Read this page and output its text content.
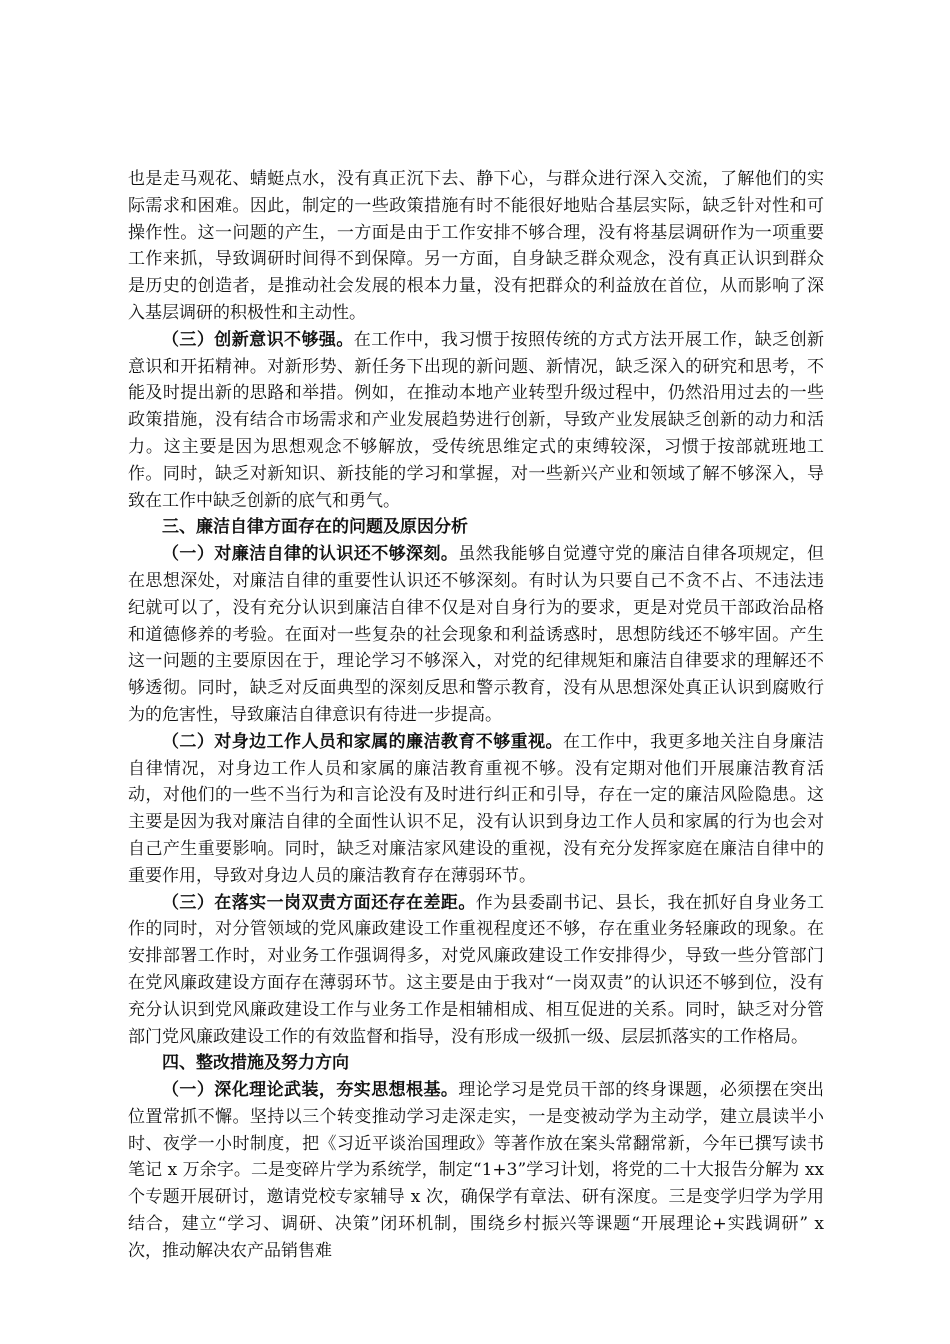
也是走马观花、蜻蜓点水，没有真正沉下去、静下心，与群众进行深入交流，了解他们的实际需求和困难。因此，制定的一些政策措施有时不能很好地贴合基层实际，缺乏针对性和可操作性。这一问题的产生，一方面是由于工作安排不够合理，没有将基层调研作为一项重要工作来抓，导致调研时间得不到保障。另一方面，自身缺乏群众观念，没有真正认识到群众是历史的创造者，是推动社会发展的根本力量，没有把群众的利益放在首位，从而影响了深入基层调研的积极性和主动性。

（三）创新意识不够强。在工作中，我习惯于按照传统的方式方法开展工作，缺乏创新意识和开拓精神。对新形势、新任务下出现的新问题、新情况，缺乏深入的研究和思考，不能及时提出新的思路和举措。例如，在推动本地产业转型升级过程中，仍然沿用过去的一些政策措施，没有结合市场需求和产业发展趋势进行创新，导致产业发展缺乏创新的动力和活力。这主要是因为思想观念不够解放，受传统思维定式的束缚较深，习惯于按部就班地工作。同时，缺乏对新知识、新技能的学习和掌握，对一些新兴产业和领域了解不够深入，导致在工作中缺乏创新的底气和勇气。

三、廉洁自律方面存在的问题及原因分析

（一）对廉洁自律的认识还不够深刻。虽然我能够自觉遵守党的廉洁自律各项规定，但在思想深处，对廉洁自律的重要性认识还不够深刻。有时认为只要自己不贪不占、不违法违纪就可以了，没有充分认识到廉洁自律不仅是对自身行为的要求，更是对党员干部政治品格和道德修养的考验。在面对一些复杂的社会现象和利益诱惑时，思想防线还不够牢固。产生这一问题的主要原因在于，理论学习不够深入，对党的纪律规矩和廉洁自律要求的理解还不够透彻。同时，缺乏对反面典型的深刻反思和警示教育，没有从思想深处真正认识到腐败行为的危害性，导致廉洁自律意识有待进一步提高。

（二）对身边工作人员和家属的廉洁教育不够重视。在工作中，我更多地关注自身廉洁自律情况，对身边工作人员和家属的廉洁教育重视不够。没有定期对他们开展廉洁教育活动，对他们的一些不当行为和言论没有及时进行纠正和引导，存在一定的廉洁风险隐患。这主要是因为我对廉洁自律的全面性认识不足，没有认识到身边工作人员和家属的行为也会对自己产生重要影响。同时，缺乏对廉洁家风建设的重视，没有充分发挥家庭在廉洁自律中的重要作用，导致对身边人员的廉洁教育存在薄弱环节。

（三）在落实一岗双责方面还存在差距。作为县委副书记、县长，我在抓好自身业务工作的同时，对分管领域的党风廉政建设工作重视程度还不够，存在重业务轻廉政的现象。在安排部署工作时，对业务工作强调得多，对党风廉政建设工作安排得少，导致一些分管部门在党风廉政建设方面存在薄弱环节。这主要是由于我对“一岗双责”的认识还不够到位，没有充分认识到党风廉政建设工作与业务工作是相辅相成、相互促进的关系。同时，缺乏对分管部门党风廉政建设工作的有效监督和指导，没有形成一级抓一级、层层抓落实的工作格局。

四、整改措施及努力方向

（一）深化理论武装，夯实思想根基。理论学习是党员干部的终身课题，必须摆在突出位置常抓不懈。坚持以三个转变推动学习走深走实，一是变被动学为主动学，建立晨读半小时、夜学一小时制度，把《习近平谈治国理政》等著作放在案头常翻常新，今年已撰写读书笔记 x 万余字。二是变碎片学为系统学，制定“1+3”学习计划，将党的二十大报告分解为 xx 个专题开展研讨，邀请党校专家辅导 x 次，确保学有章法、研有深度。三是变学归学为学用结合，建立“学习、调研、决策”闭环机制，围绕乡村振兴等课题“开展理论+实践调研” x 次，推动解决农产品销售难
